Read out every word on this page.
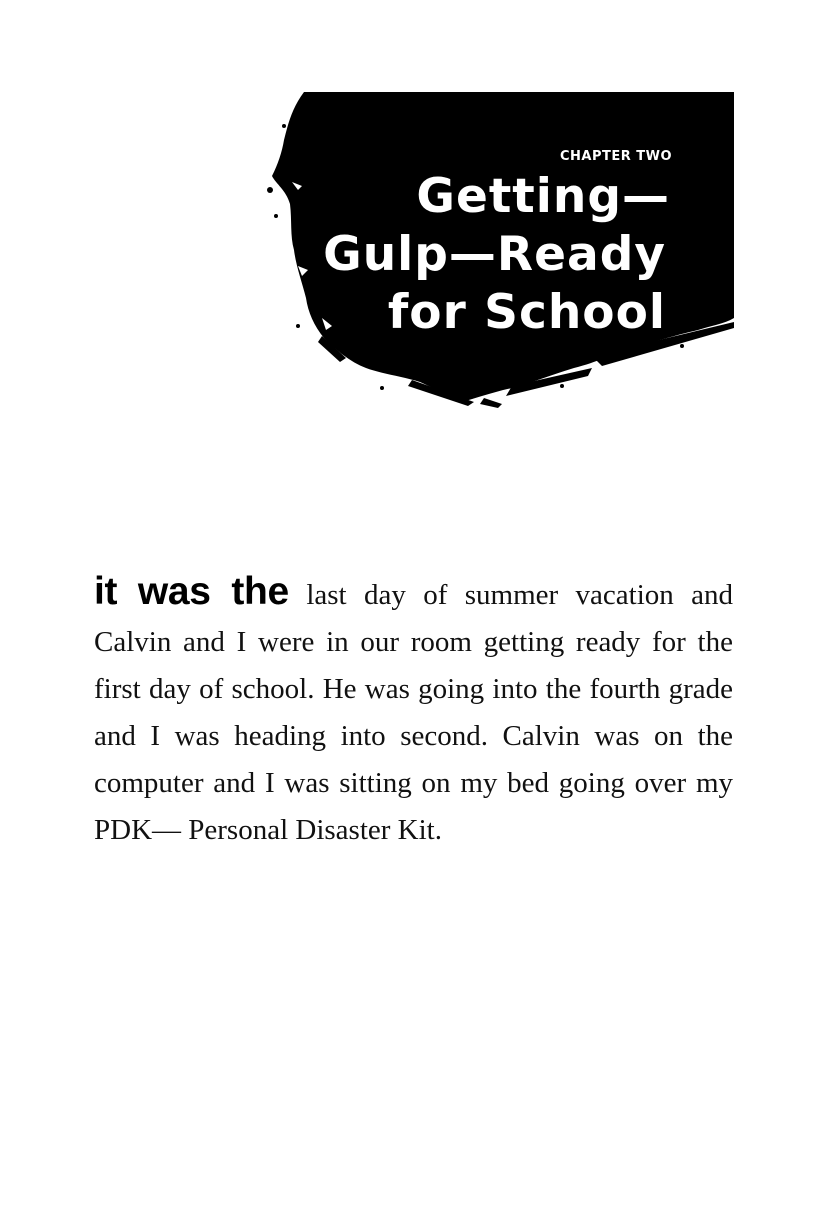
CHAPTER TWO
Getting—
Gulp—Ready
for School

it was the last day of summer vacation and Calvin and I were in our room getting ready for the first day of school. He was going into the fourth grade and I was heading into second. Calvin was on the computer and I was sitting on my bed going over my PDK— Personal Disaster Kit.
